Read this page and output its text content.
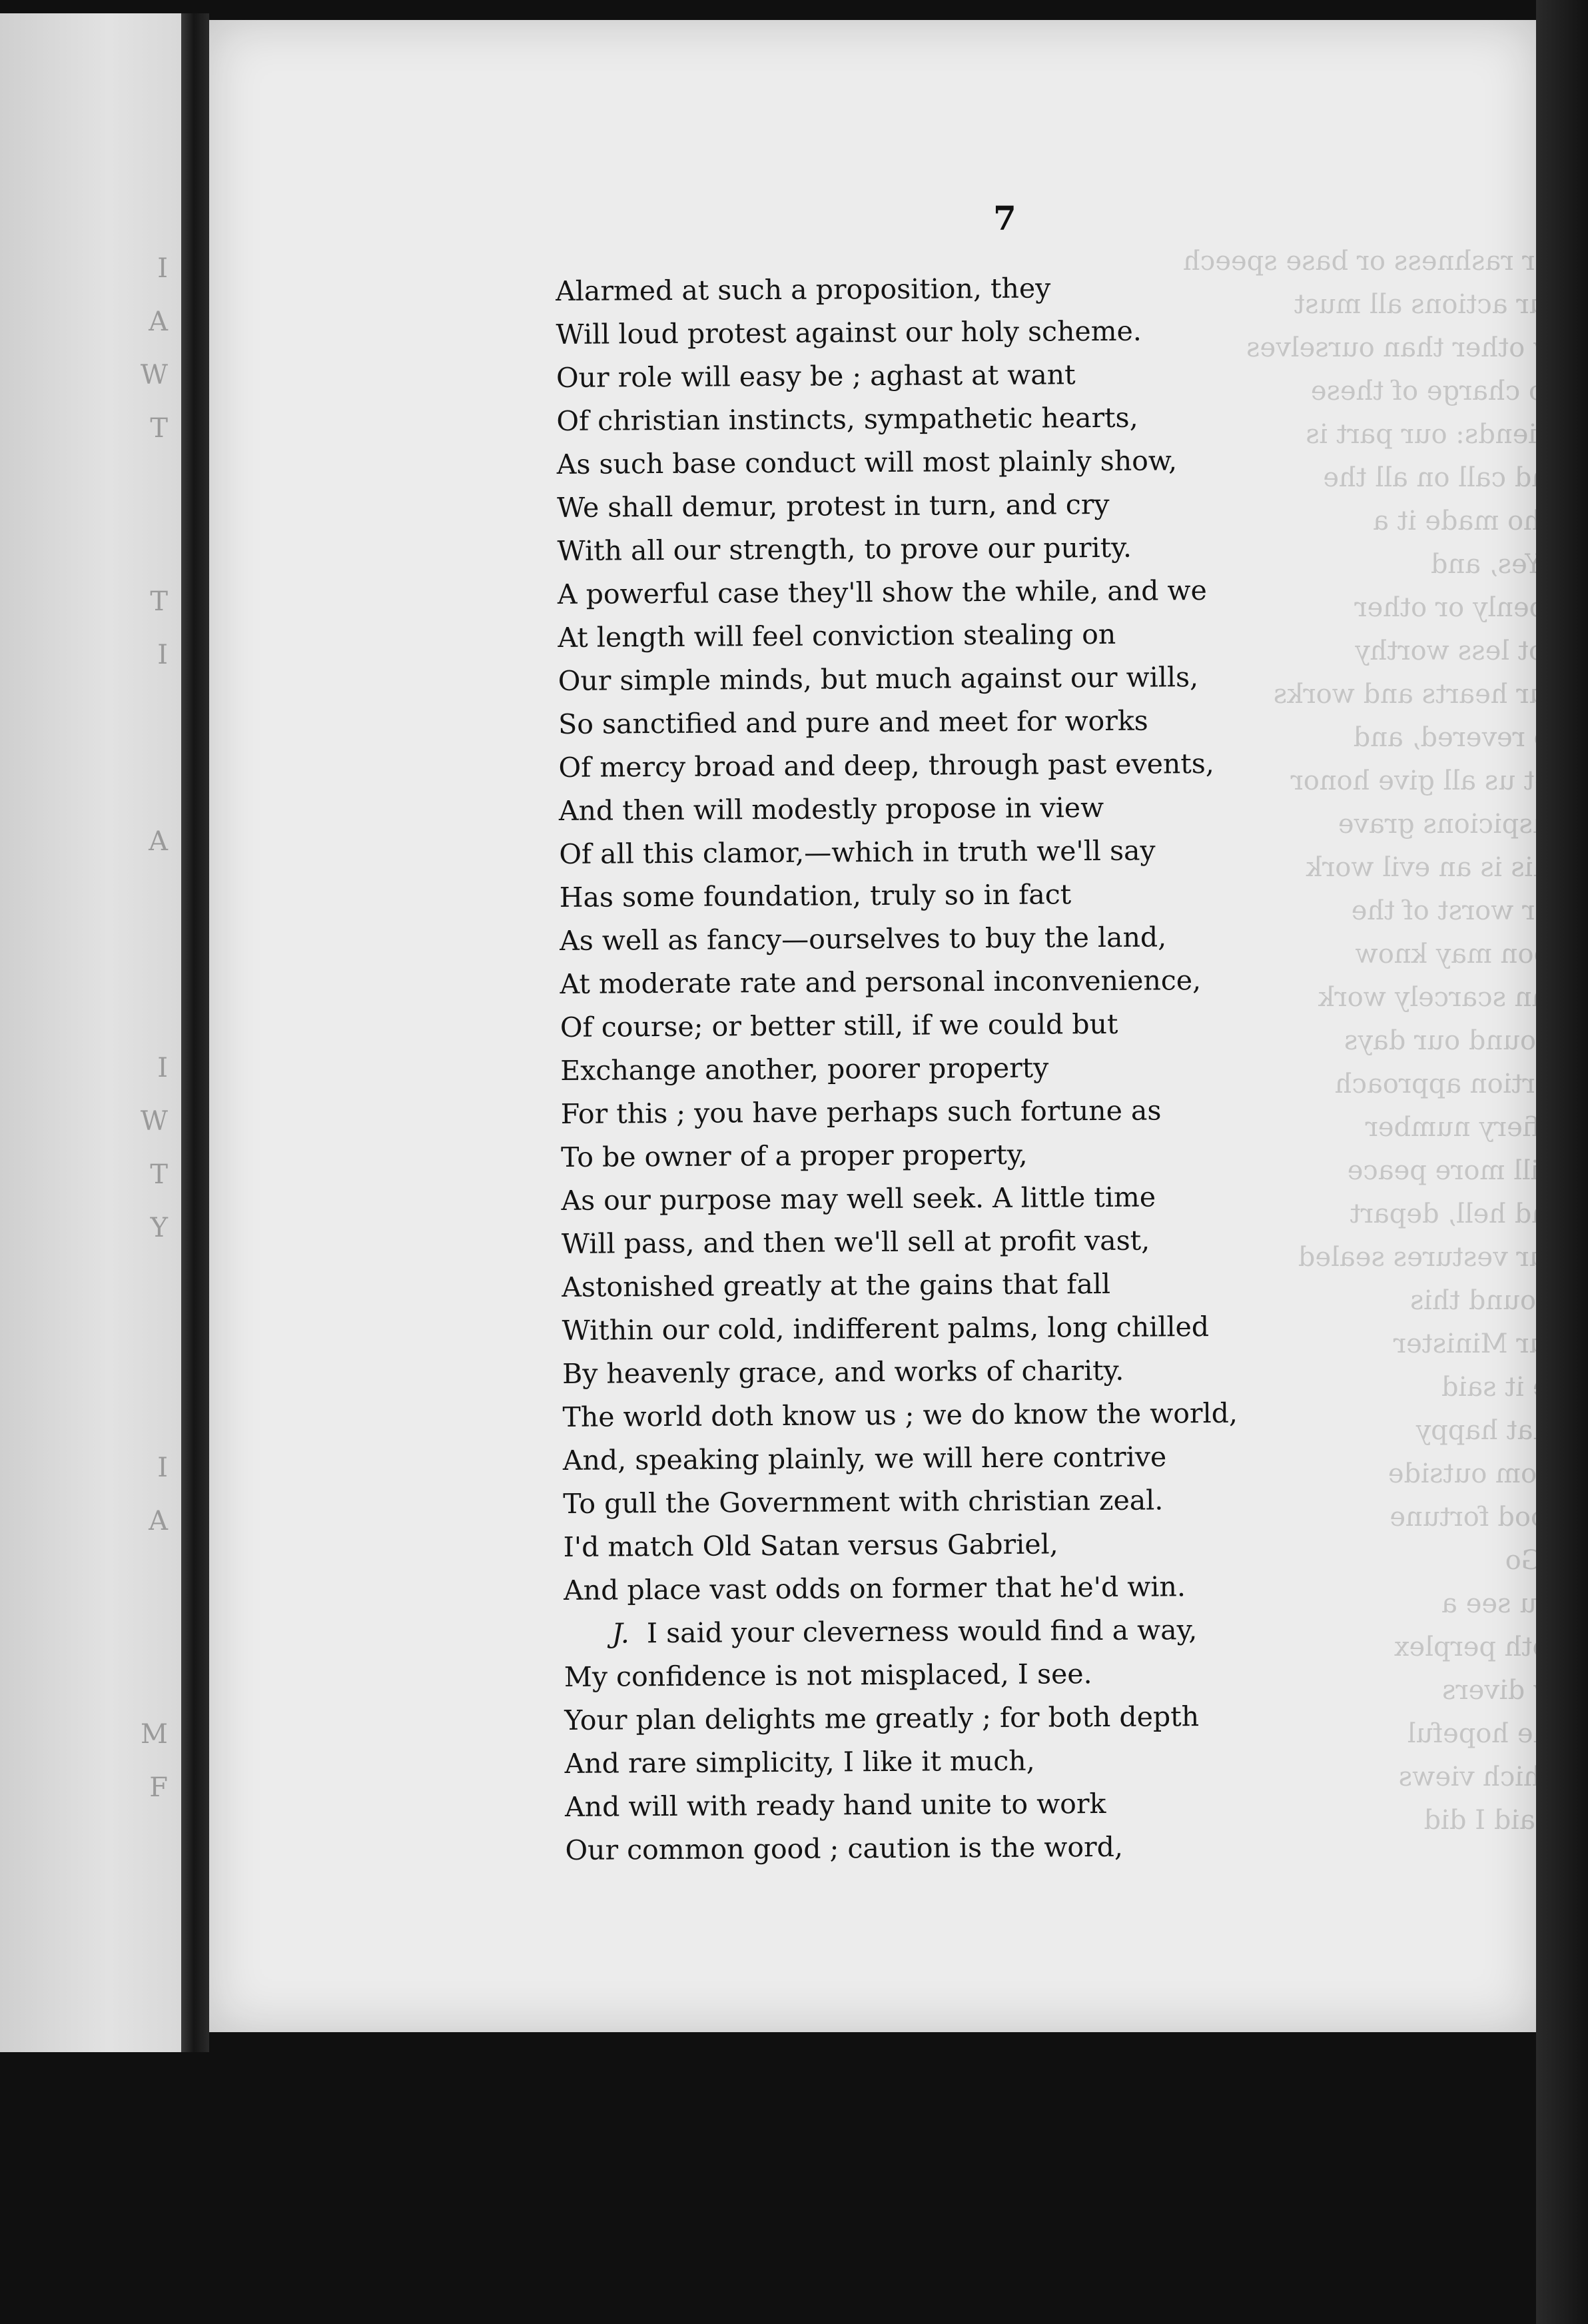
I
A
W
T
T
I
A
I
W
T
Y
I
A
M
F
For rashness or base speech
Our actions all must
By other than ourselves
No charge of these
Friends: our part is
And call on all the
Who made it a
J. Yes, and
Openly or other
Not less worthy
Our hearts and works
So revered, and
Let us all give honor
Suspicions grave
This is an evil work
For worst of the
Soon may know
Can scarcely work
Around our days
Portion approach
A fiery number
Still more peace
And hell, depart
Our vestures sealed
Around this
Our Minister
Be it said
That happy
From outside
Good fortune
Go
You see a
Both perplex
By divers
The hopeful
Which views
I said I did
7
Alarmed at such a proposition, they
Will loud protest against our holy scheme.
Our role will easy be ; aghast at want
Of christian instincts, sympathetic hearts,
As such base conduct will most plainly show,
We shall demur, protest in turn, and cry
With all our strength, to prove our purity.
A powerful case they'll show the while, and we
At length will feel conviction stealing on
Our simple minds, but much against our wills,
So sanctified and pure and meet for works
Of mercy broad and deep, through past events,
And then will modestly propose in view
Of all this clamor,—which in truth we'll say
Has some foundation, truly so in fact
As well as fancy—ourselves to buy the land,
At moderate rate and personal inconvenience,
Of course; or better still, if we could but
Exchange another, poorer property
For this ; you have perhaps such fortune as
To be owner of a proper property,
As our purpose may well seek. A little time
Will pass, and then we'll sell at profit vast,
Astonished greatly at the gains that fall
Within our cold, indifferent palms, long chilled
By heavenly grace, and works of charity.
The world doth know us ; we do know the world,
And, speaking plainly, we will here contrive
To gull the Government with christian zeal.
I'd match Old Satan versus Gabriel,
And place vast odds on former that he'd win.
J. I said your cleverness would find a way,
My confidence is not misplaced, I see.
Your plan delights me greatly ; for both depth
And rare simplicity, I like it much,
And will with ready hand unite to work
Our common good ; caution is the word,
